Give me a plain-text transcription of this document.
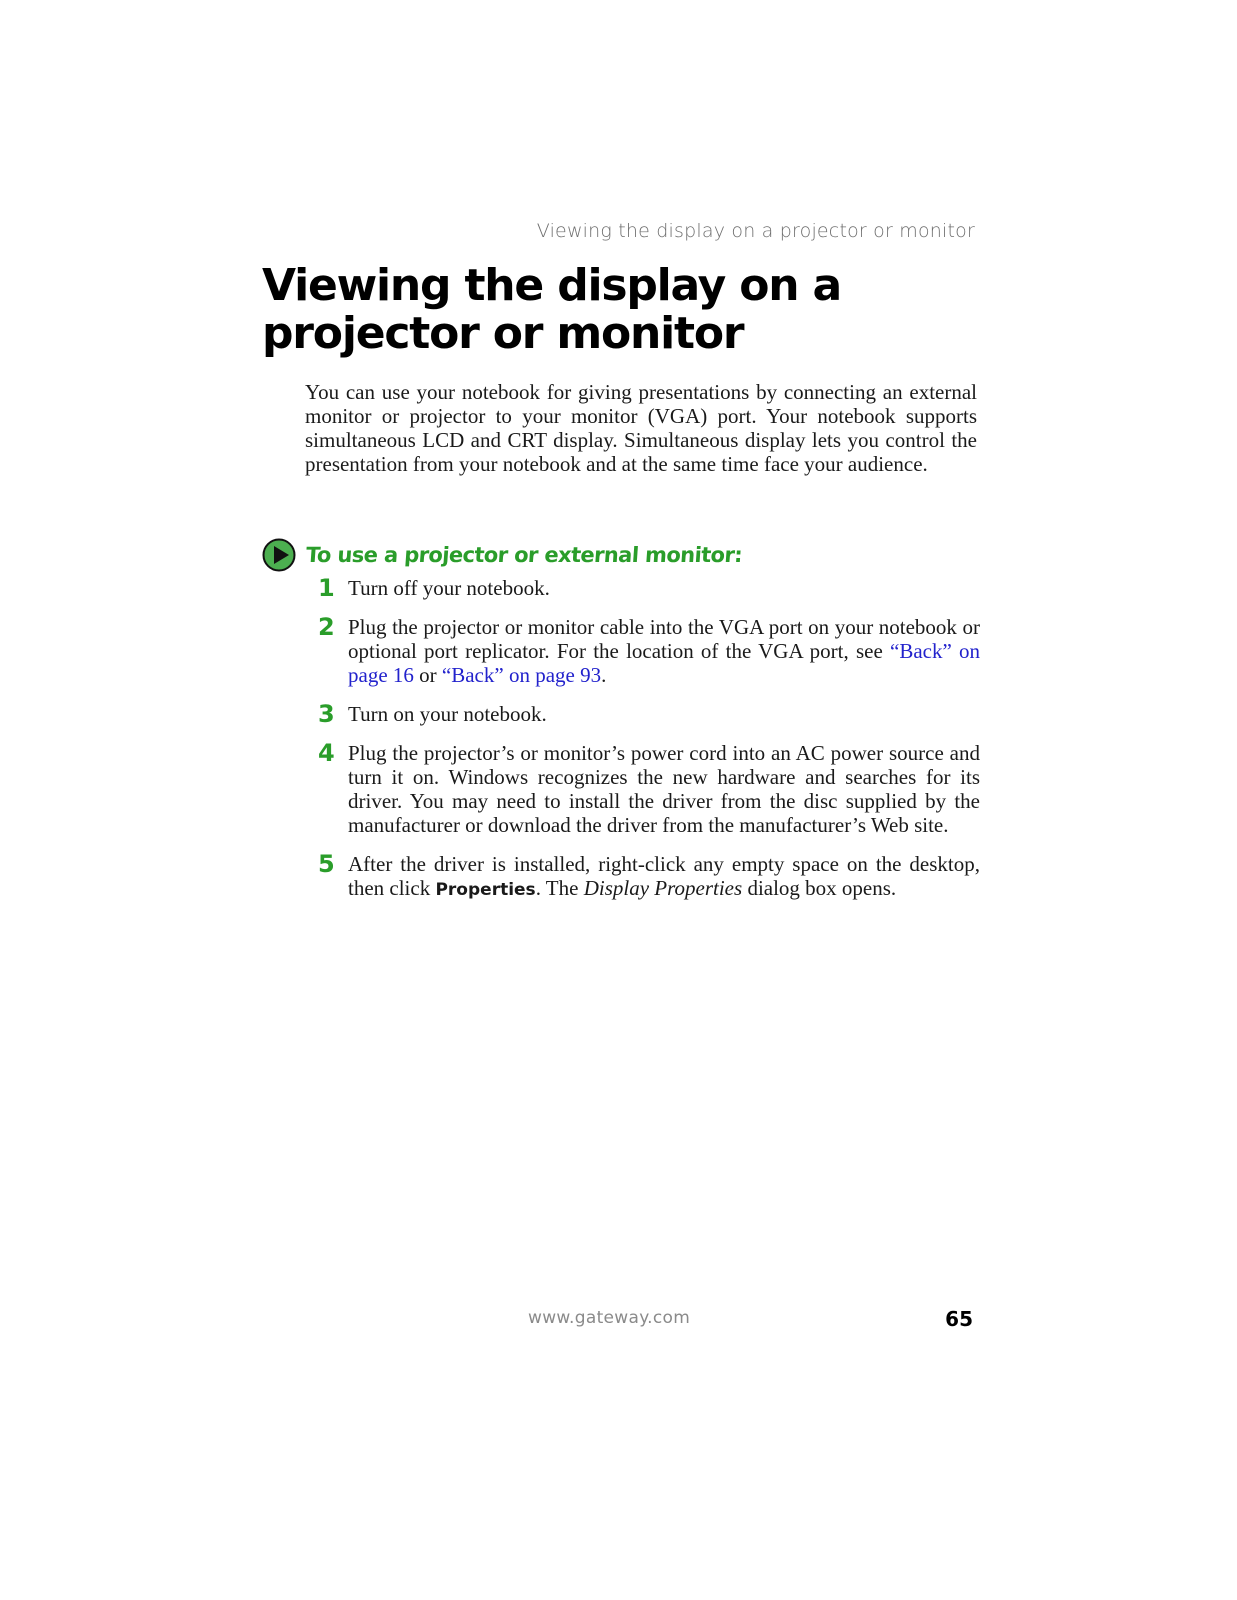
Viewing the display on a projector or monitor
Viewing the display on a projector or monitor

You can use your notebook for giving presentations by connecting an external monitor or projector to your monitor (VGA) port. Your notebook supports simultaneous LCD and CRT display. Simultaneous display lets you control the presentation from your notebook and at the same time face your audience.

To use a projector or external monitor:
1 Turn off your notebook.
2 Plug the projector or monitor cable into the VGA port on your notebook or optional port replicator. For the location of the VGA port, see “Back” on page 16 or “Back” on page 93.
3 Turn on your notebook.
4 Plug the projector’s or monitor’s power cord into an AC power source and turn it on. Windows recognizes the new hardware and searches for its driver. You may need to install the driver from the disc supplied by the manufacturer or download the driver from the manufacturer’s Web site.
5 After the driver is installed, right-click any empty space on the desktop, then click Properties. The Display Properties dialog box opens.
www.gateway.com	65
